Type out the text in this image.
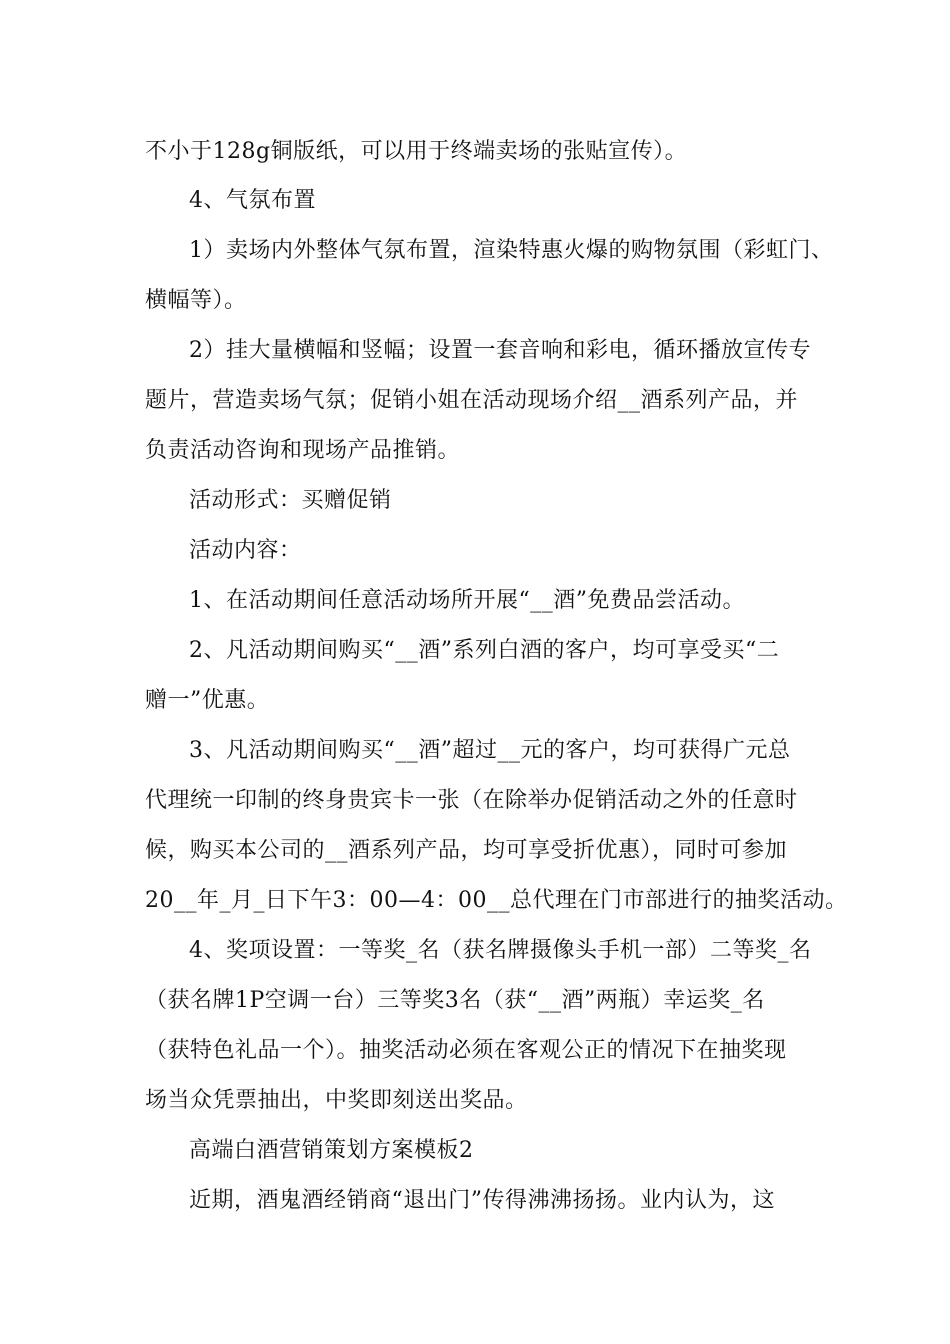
不小于128g铜版纸，可以用于终端卖场的张贴宣传）。
4、气氛布置
1）卖场内外整体气氛布置，渲染特惠火爆的购物氛围（彩虹门、
横幅等）。
2）挂大量横幅和竖幅；设置一套音响和彩电，循环播放宣传专
题片，营造卖场气氛；促销小姐在活动现场介绍__酒系列产品，并
负责活动咨询和现场产品推销。
活动形式：买赠促销
活动内容：
1、在活动期间任意活动场所开展“__酒”免费品尝活动。
2、凡活动期间购买“__酒”系列白酒的客户，均可享受买“二
赠一”优惠。
3、凡活动期间购买“__酒”超过__元的客户，均可获得广元总
代理统一印制的终身贵宾卡一张（在除举办促销活动之外的任意时
候，购买本公司的__酒系列产品，均可享受折优惠），同时可参加
20__年_月_日下午3：00—4：00__总代理在门市部进行的抽奖活动。
4、奖项设置：一等奖_名（获名牌摄像头手机一部）二等奖_名
（获名牌1P空调一台）三等奖3名（获“__酒”两瓶）幸运奖_名
（获特色礼品一个）。抽奖活动必须在客观公正的情况下在抽奖现
场当众凭票抽出，中奖即刻送出奖品。
高端白酒营销策划方案模板2
近期，酒鬼酒经销商“退出门”传得沸沸扬扬。业内认为，这
